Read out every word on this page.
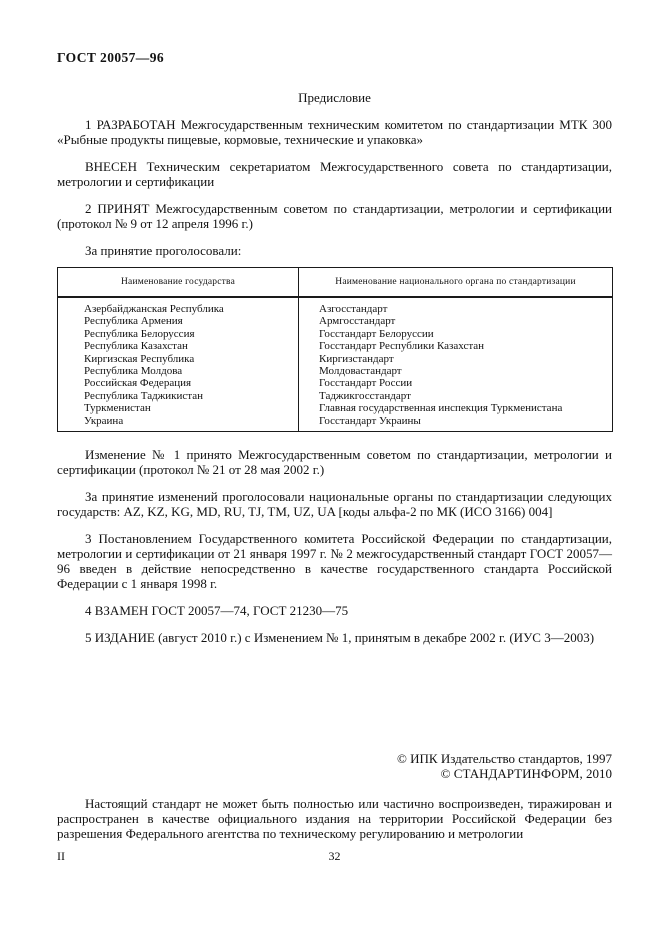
ГОСТ 20057—96
Предисловие

1 РАЗРАБОТАН Межгосударственным техническим комитетом по стандартизации МТК 300 «Рыбные продукты пищевые, кормовые, технические и упаковка»

ВНЕСЕН Техническим секретариатом Межгосударственного совета по стандартизации, метрологии и сертификации

2 ПРИНЯТ Межгосударственным советом по стандартизации, метрологии и сертификации (протокол № 9 от 12 апреля 1996 г.)

За принятие проголосовали:

Наименование государства	Наименование национального органа по стандартизации
Азербайджанская Республика	Азгосстандарт
Республика Армения	Армгосстандарт
Республика Белоруссия	Госстандарт Белоруссии
Республика Казахстан	Госстандарт Республики Казахстан
Киргизская Республика	Киргизстандарт
Республика Молдова	Молдовастандарт
Российская Федерация	Госстандарт России
Республика Таджикистан	Таджикгосстандарт
Туркменистан	Главная государственная инспекция Туркменистана
Украина	Госстандарт Украины

Изменение № 1 принято Межгосударственным советом по стандартизации, метрологии и сертификации (протокол № 21 от 28 мая 2002 г.)

За принятие изменений проголосовали национальные органы по стандартизации следующих государств: AZ, KZ, KG, MD, RU, TJ, TM, UZ, UA [коды альфа-2 по МК (ИСО 3166) 004]

3 Постановлением Государственного комитета Российской Федерации по стандартизации, метрологии и сертификации от 21 января 1997 г. № 2 межгосударственный стандарт ГОСТ 20057—96 введен в действие непосредственно в качестве государственного стандарта Российской Федерации с 1 января 1998 г.

4 ВЗАМЕН ГОСТ 20057—74, ГОСТ 21230—75

5 ИЗДАНИЕ (август 2010 г.) с Изменением № 1, принятым в декабре 2002 г. (ИУС 3—2003)

© ИПК Издательство стандартов, 1997
© СТАНДАРТИНФОРМ, 2010

Настоящий стандарт не может быть полностью или частично воспроизведен, тиражирован и распространен в качестве официального издания на территории Российской Федерации без разрешения Федерального агентства по техническому регулированию и метрологии

II	32
